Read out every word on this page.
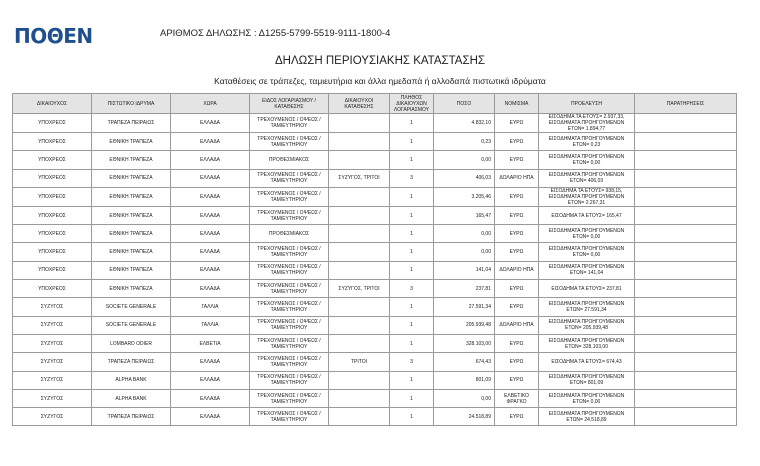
ΠΟΘΕΝ	ΑΡΙΘΜΟΣ ΔΗΛΩΣΗΣ : Δ1255-5799-5519-9111-1800-4
ΔΗΛΩΣΗ ΠΕΡΙΟΥΣΙΑΚΗΣ ΚΑΤΑΣΤΑΣΗΣ
Καταθέσεις σε τράπεζες, ταμιευτήρια και άλλα ημεδαπά ή αλλοδαπά πιστωτικά ιδρύματα
ΔΙΚΑΙΟΥΧΟΣ	ΠΙΣΤΩΤΙΚΟ ΙΔΡΥΜΑ	ΧΩΡΑ	ΕΙΔΟΣ ΛΟΓΑΡΙΑΣΜΟΥ / ΚΑΤΑΘΕΣΗΣ	ΔΙΚΑΙΟΥΧΟΙ ΚΑΤΑΘΕΣΗΣ	ΠΛΗΘΟΣ ΔΙΚΑΙΟΥΧΩΝ ΛΟΓΑΡΙΑΣΜΟΥ	ΠΟΣΟ	ΝΟΜΙΣΜΑ	ΠΡΟΕΛΕΥΣΗ	ΠΑΡΑΤΗΡΗΣΕΙΣ
ΥΠΟΧΡΕΟΣ	ΤΡΑΠΕΖΑ ΠΕΙΡΑΙΩΣ	ΕΛΛΑΔΑ	ΤΡΕΧΟΥΜΕΝΟΣ / ΟΨΕΩΣ / ΤΑΜΙΕΥΤΗΡΙΟΥ		1	4.832,10	ΕΥΡΩ	ΕΙΣΟΔΗΜΑ ΤΑ ΕΤΟΥΣ= 2.937,33, ΕΙΣΟΔΗΜΑΤΑ ΠΡΟΗΓΟΥΜΕΝΩΝ ΕΤΩΝ= 1.894,77	
ΥΠΟΧΡΕΟΣ	ΕΘΝΙΚΗ ΤΡΑΠΕΖΑ	ΕΛΛΑΔΑ	ΤΡΕΧΟΥΜΕΝΟΣ / ΟΨΕΩΣ / ΤΑΜΙΕΥΤΗΡΙΟΥ		1	0,23	ΕΥΡΩ	ΕΙΣΟΔΗΜΑΤΑ ΠΡΟΗΓΟΥΜΕΝΩΝ ΕΤΩΝ= 0,23	
ΥΠΟΧΡΕΟΣ	ΕΘΝΙΚΗ ΤΡΑΠΕΖΑ	ΕΛΛΑΔΑ	ΠΡΟΘΕΣΜΙΑΚΟΣ		1	0,00	ΕΥΡΩ	ΕΙΣΟΔΗΜΑΤΑ ΠΡΟΗΓΟΥΜΕΝΩΝ ΕΤΩΝ= 0,00	
ΥΠΟΧΡΕΟΣ	ΕΘΝΙΚΗ ΤΡΑΠΕΖΑ	ΕΛΛΑΔΑ	ΤΡΕΧΟΥΜΕΝΟΣ / ΟΨΕΩΣ / ΤΑΜΙΕΥΤΗΡΙΟΥ	ΣΥΖΥΓΟΣ, ΤΡΙΤΟΙ	3	406,03	ΔΟΛΑΡΙΟ ΗΠΑ	ΕΙΣΟΔΗΜΑΤΑ ΠΡΟΗΓΟΥΜΕΝΩΝ ΕΤΩΝ= 406,03	
ΥΠΟΧΡΕΟΣ	ΕΘΝΙΚΗ ΤΡΑΠΕΖΑ	ΕΛΛΑΔΑ	ΤΡΕΧΟΥΜΕΝΟΣ / ΟΨΕΩΣ / ΤΑΜΙΕΥΤΗΡΙΟΥ		1	3.205,46	ΕΥΡΩ	ΕΙΣΟΔΗΜΑ ΤΑ ΕΤΟΥΣ= 938,15, ΕΙΣΟΔΗΜΑΤΑ ΠΡΟΗΓΟΥΜΕΝΩΝ ΕΤΩΝ= 2.267,31	
ΥΠΟΧΡΕΟΣ	ΕΘΝΙΚΗ ΤΡΑΠΕΖΑ	ΕΛΛΑΔΑ	ΤΡΕΧΟΥΜΕΝΟΣ / ΟΨΕΩΣ / ΤΑΜΙΕΥΤΗΡΙΟΥ		1	165,47	ΕΥΡΩ	ΕΙΣΟΔΗΜΑ ΤΑ ΕΤΟΥΣ= 165,47	
ΥΠΟΧΡΕΟΣ	ΕΘΝΙΚΗ ΤΡΑΠΕΖΑ	ΕΛΛΑΔΑ	ΠΡΟΘΕΣΜΙΑΚΟΣ		1	0,00	ΕΥΡΩ	ΕΙΣΟΔΗΜΑΤΑ ΠΡΟΗΓΟΥΜΕΝΩΝ ΕΤΩΝ= 0,00	
ΥΠΟΧΡΕΟΣ	ΕΘΝΙΚΗ ΤΡΑΠΕΖΑ	ΕΛΛΑΔΑ	ΤΡΕΧΟΥΜΕΝΟΣ / ΟΨΕΩΣ / ΤΑΜΙΕΥΤΗΡΙΟΥ		1	0,00	ΕΥΡΩ	ΕΙΣΟΔΗΜΑΤΑ ΠΡΟΗΓΟΥΜΕΝΩΝ ΕΤΩΝ= 0,00	
ΥΠΟΧΡΕΟΣ	ΕΘΝΙΚΗ ΤΡΑΠΕΖΑ	ΕΛΛΑΔΑ	ΤΡΕΧΟΥΜΕΝΟΣ / ΟΨΕΩΣ / ΤΑΜΙΕΥΤΗΡΙΟΥ		1	141,04	ΔΟΛΑΡΙΟ ΗΠΑ	ΕΙΣΟΔΗΜΑΤΑ ΠΡΟΗΓΟΥΜΕΝΩΝ ΕΤΩΝ= 141,04	
ΥΠΟΧΡΕΟΣ	ΕΘΝΙΚΗ ΤΡΑΠΕΖΑ	ΕΛΛΑΔΑ	ΤΡΕΧΟΥΜΕΝΟΣ / ΟΨΕΩΣ / ΤΑΜΙΕΥΤΗΡΙΟΥ	ΣΥΖΥΓΟΣ, ΤΡΙΤΟΙ	3	237,81	ΕΥΡΩ	ΕΙΣΟΔΗΜΑ ΤΑ ΕΤΟΥΣ= 237,81	
ΣΥΖΥΓΟΣ	SOCIETE GENERALE	ΓΑΛΛΙΑ	ΤΡΕΧΟΥΜΕΝΟΣ / ΟΨΕΩΣ / ΤΑΜΙΕΥΤΗΡΙΟΥ		1	27.591,34	ΕΥΡΩ	ΕΙΣΟΔΗΜΑΤΑ ΠΡΟΗΓΟΥΜΕΝΩΝ ΕΤΩΝ= 27.591,34	
ΣΥΖΥΓΟΣ	SOCIETE GENERALE	ΓΑΛΛΙΑ	ΤΡΕΧΟΥΜΕΝΟΣ / ΟΨΕΩΣ / ΤΑΜΙΕΥΤΗΡΙΟΥ		1	205.939,48	ΔΟΛΑΡΙΟ ΗΠΑ	ΕΙΣΟΔΗΜΑΤΑ ΠΡΟΗΓΟΥΜΕΝΩΝ ΕΤΩΝ= 205.939,48	
ΣΥΖΥΓΟΣ	LOMBARD ODIER	ΕΛΒΕΤΙΑ	ΤΡΕΧΟΥΜΕΝΟΣ / ΟΨΕΩΣ / ΤΑΜΙΕΥΤΗΡΙΟΥ		1	328.103,00	ΕΥΡΩ	ΕΙΣΟΔΗΜΑΤΑ ΠΡΟΗΓΟΥΜΕΝΩΝ ΕΤΩΝ= 328.103,00	
ΣΥΖΥΓΟΣ	ΤΡΑΠΕΖΑ ΠΕΙΡΑΙΩΣ	ΕΛΛΑΔΑ	ΤΡΕΧΟΥΜΕΝΟΣ / ΟΨΕΩΣ / ΤΑΜΙΕΥΤΗΡΙΟΥ	ΤΡΙΤΟΙ	3	674,43	ΕΥΡΩ	ΕΙΣΟΔΗΜΑ ΤΑ ΕΤΟΥΣ= 674,43	
ΣΥΖΥΓΟΣ	ALPHA BANK	ΕΛΛΑΔΑ	ΤΡΕΧΟΥΜΕΝΟΣ / ΟΨΕΩΣ / ΤΑΜΙΕΥΤΗΡΙΟΥ		1	801,09	ΕΥΡΩ	ΕΙΣΟΔΗΜΑΤΑ ΠΡΟΗΓΟΥΜΕΝΩΝ ΕΤΩΝ= 801,09	
ΣΥΖΥΓΟΣ	ALPHA BANK	ΕΛΛΑΔΑ	ΤΡΕΧΟΥΜΕΝΟΣ / ΟΨΕΩΣ / ΤΑΜΙΕΥΤΗΡΙΟΥ		1	0,00	ΕΛΒΕΤΙΚΟ ΦΡΑΓΚΟ	ΕΙΣΟΔΗΜΑΤΑ ΠΡΟΗΓΟΥΜΕΝΩΝ ΕΤΩΝ= 0,00	
ΣΥΖΥΓΟΣ	ΤΡΑΠΕΖΑ ΠΕΙΡΑΙΩΣ	ΕΛΛΑΔΑ	ΤΡΕΧΟΥΜΕΝΟΣ / ΟΨΕΩΣ / ΤΑΜΙΕΥΤΗΡΙΟΥ		1	24.518,89	ΕΥΡΩ	ΕΙΣΟΔΗΜΑΤΑ ΠΡΟΗΓΟΥΜΕΝΩΝ ΕΤΩΝ= 24.518,89	
